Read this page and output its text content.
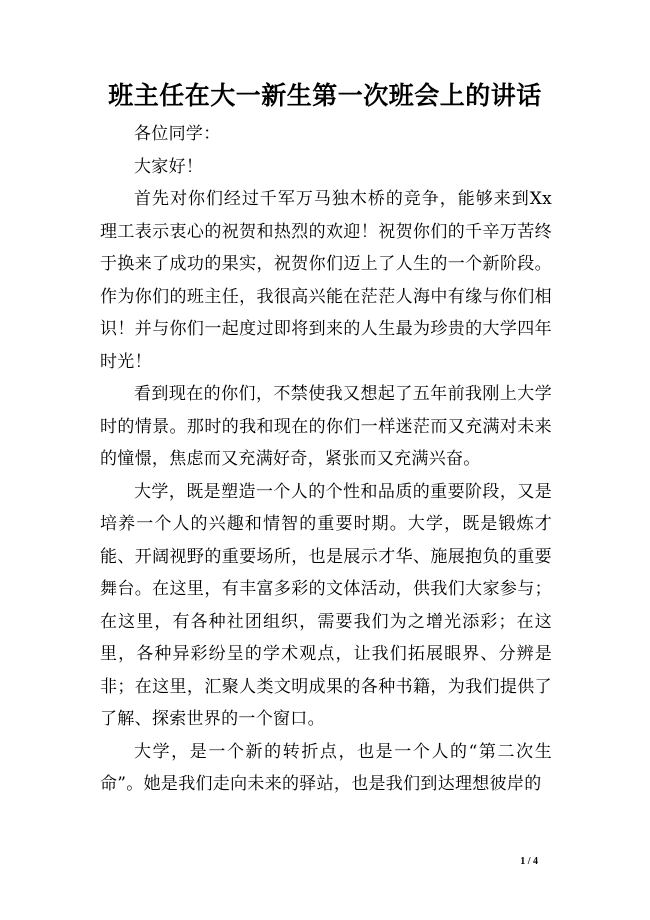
班主任在大一新生第一次班会上的讲话

各位同学：

大家好！

首先对你们经过千军万马独木桥的竞争，能够来到Xx理工表示衷心的祝贺和热烈的欢迎！祝贺你们的千辛万苦终于换来了成功的果实，祝贺你们迈上了人生的一个新阶段。作为你们的班主任，我很高兴能在茫茫人海中有缘与你们相识！并与你们一起度过即将到来的人生最为珍贵的大学四年时光！

看到现在的你们，不禁使我又想起了五年前我刚上大学时的情景。那时的我和现在的你们一样迷茫而又充满对未来的憧憬，焦虑而又充满好奇，紧张而又充满兴奋。

大学，既是塑造一个人的个性和品质的重要阶段，又是培养一个人的兴趣和情智的重要时期。大学，既是锻炼才能、开阔视野的重要场所，也是展示才华、施展抱负的重要舞台。在这里，有丰富多彩的文体活动，供我们大家参与；在这里，有各种社团组织，需要我们为之增光添彩；在这里，各种异彩纷呈的学术观点，让我们拓展眼界、分辨是非；在这里，汇聚人类文明成果的各种书籍，为我们提供了了解、探索世界的一个窗口。

大学，是一个新的转折点，也是一个人的“第二次生命”。她是我们走向未来的驿站，也是我们到达理想彼岸的

1 / 4
